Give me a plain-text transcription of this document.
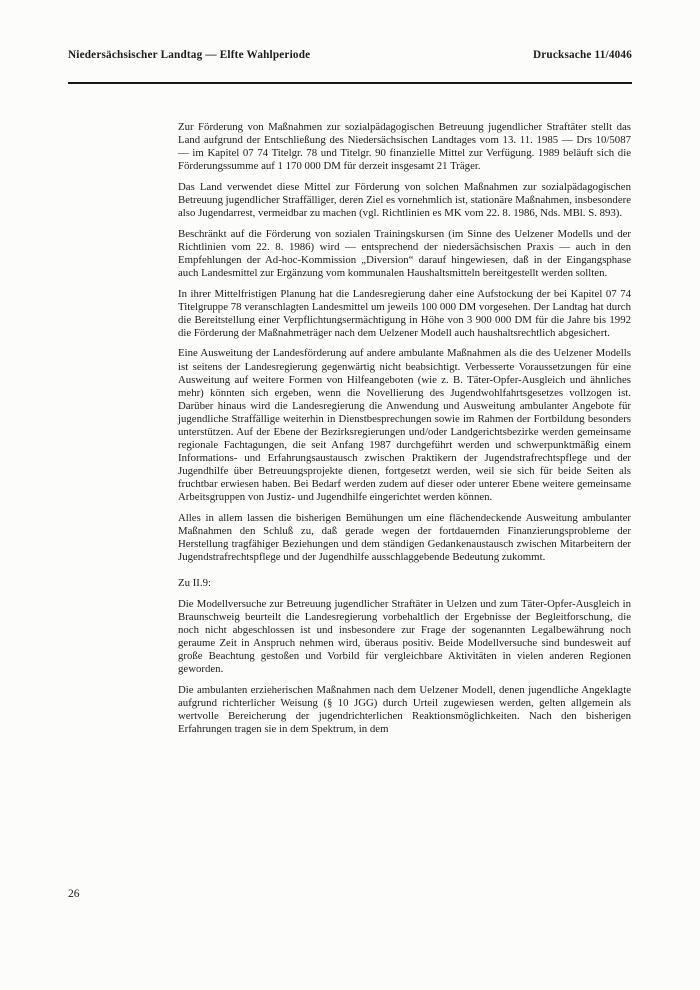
Niedersächsischer Landtag — Elfte Wahlperiode	Drucksache 11/4046

Zur Förderung von Maßnahmen zur sozialpädagogischen Betreuung jugendlicher Straftäter stellt das Land aufgrund der Entschließung des Niedersächsischen Landtages vom 13. 11. 1985 — Drs 10/5087 — im Kapitel 07 74 Titelgr. 78 und Titelgr. 90 finanzielle Mittel zur Verfügung. 1989 beläuft sich die Förderungssumme auf 1 170 000 DM für derzeit insgesamt 21 Träger.

Das Land verwendet diese Mittel zur Förderung von solchen Maßnahmen zur sozialpädagogischen Betreuung jugendlicher Straffälliger, deren Ziel es vornehmlich ist, stationäre Maßnahmen, insbesondere also Jugendarrest, vermeidbar zu machen (vgl. Richtlinien es MK vom 22. 8. 1986, Nds. MBl. S. 893).

Beschränkt auf die Förderung von sozialen Trainingskursen (im Sinne des Uelzener Modells und der Richtlinien vom 22. 8. 1986) wird — entsprechend der niedersächsischen Praxis — auch in den Empfehlungen der Ad-hoc-Kommission „Diversion“ darauf hingewiesen, daß in der Eingangsphase auch Landesmittel zur Ergänzung vom kommunalen Haushaltsmitteln bereitgestellt werden sollten.

In ihrer Mittelfristigen Planung hat die Landesregierung daher eine Aufstockung der bei Kapitel 07 74 Titelgruppe 78 veranschlagten Landesmittel um jeweils 100 000 DM vorgesehen. Der Landtag hat durch die Bereitstellung einer Verpflichtungsermächtigung in Höhe von 3 900 000 DM für die Jahre bis 1992 die Förderung der Maßnahmeträger nach dem Uelzener Modell auch haushaltsrechtlich abgesichert.

Eine Ausweitung der Landesförderung auf andere ambulante Maßnahmen als die des Uelzener Modells ist seitens der Landesregierung gegenwärtig nicht beabsichtigt. Verbesserte Voraussetzungen für eine Ausweitung auf weitere Formen von Hilfeangeboten (wie z. B. Täter-Opfer-Ausgleich und ähnliches mehr) könnten sich ergeben, wenn die Novellierung des Jugendwohlfahrtsgesetzes vollzogen ist. Darüber hinaus wird die Landesregierung die Anwendung und Ausweitung ambulanter Angebote für jugendliche Straffällige weiterhin in Dienstbesprechungen sowie im Rahmen der Fortbildung besonders unterstützen. Auf der Ebene der Bezirksregierungen und/oder Landgerichtsbezirke werden gemeinsame regionale Fachtagungen, die seit Anfang 1987 durchgeführt werden und schwerpunktmäßig einem Informations- und Erfahrungsaustausch zwischen Praktikern der Jugendstrafrechtspflege und der Jugendhilfe über Betreuungsprojekte dienen, fortgesetzt werden, weil sie sich für beide Seiten als fruchtbar erwiesen haben. Bei Bedarf werden zudem auf dieser oder unterer Ebene weitere gemeinsame Arbeitsgruppen von Justiz- und Jugendhilfe eingerichtet werden können.

Alles in allem lassen die bisherigen Bemühungen um eine flächendeckende Ausweitung ambulanter Maßnahmen den Schluß zu, daß gerade wegen der fortdauernden Finanzierungsprobleme der Herstellung tragfähiger Beziehungen und dem ständigen Gedankenaustausch zwischen Mitarbeitern der Jugendstrafrechtspflege und der Jugendhilfe ausschlaggebende Bedeutung zukommt.

Zu II.9:

Die Modellversuche zur Betreuung jugendlicher Straftäter in Uelzen und zum Täter-Opfer-Ausgleich in Braunschweig beurteilt die Landesregierung vorbehaltlich der Ergebnisse der Begleitforschung, die noch nicht abgeschlossen ist und insbesondere zur Frage der sogenannten Legalbewährung noch geraume Zeit in Anspruch nehmen wird, überaus positiv. Beide Modellversuche sind bundesweit auf große Beachtung gestoßen und Vorbild für vergleichbare Aktivitäten in vielen anderen Regionen geworden.

Die ambulanten erzieherischen Maßnahmen nach dem Uelzener Modell, denen jugendliche Angeklagte aufgrund richterlicher Weisung (§ 10 JGG) durch Urteil zugewiesen werden, gelten allgemein als wertvolle Bereicherung der jugendrichterlichen Reaktionsmöglichkeiten. Nach den bisherigen Erfahrungen tragen sie in dem Spektrum, in dem

26
